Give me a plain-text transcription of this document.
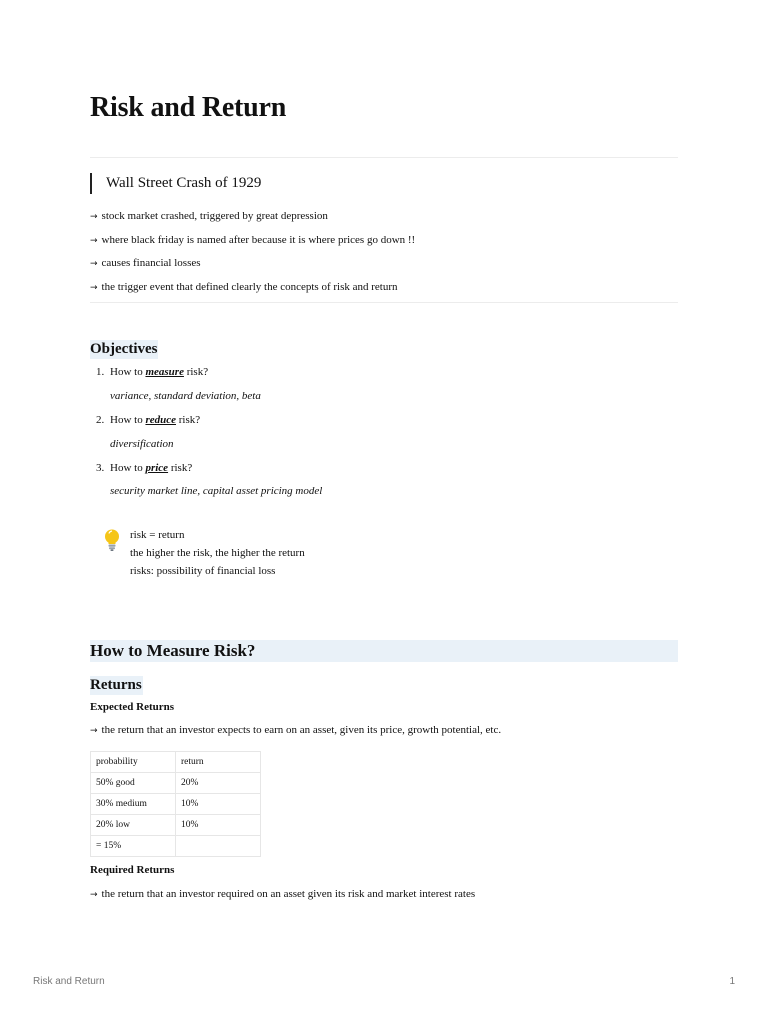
Risk and Return
Wall Street Crash of 1929
→ stock market crashed, triggered by great depression
→ where black friday is named after because it is where prices go down !!
→ causes financial losses
→ the trigger event that defined clearly the concepts of risk and return
Objectives
1. How to measure risk?
variance, standard deviation, beta
2. How to reduce risk?
diversification
3. How to price risk?
security market line, capital asset pricing model
risk = return
the higher the risk, the higher the return
risks: possibility of financial loss
How to Measure Risk?
Returns
Expected Returns
→ the return that an investor expects to earn on an asset, given its price, growth potential, etc.
probability	return
50% good	20%
30% medium	10%
20% low	10%
= 15%	
Required Returns
→ the return that an investor required on an asset given its risk and market interest rates
Risk and Return	1
